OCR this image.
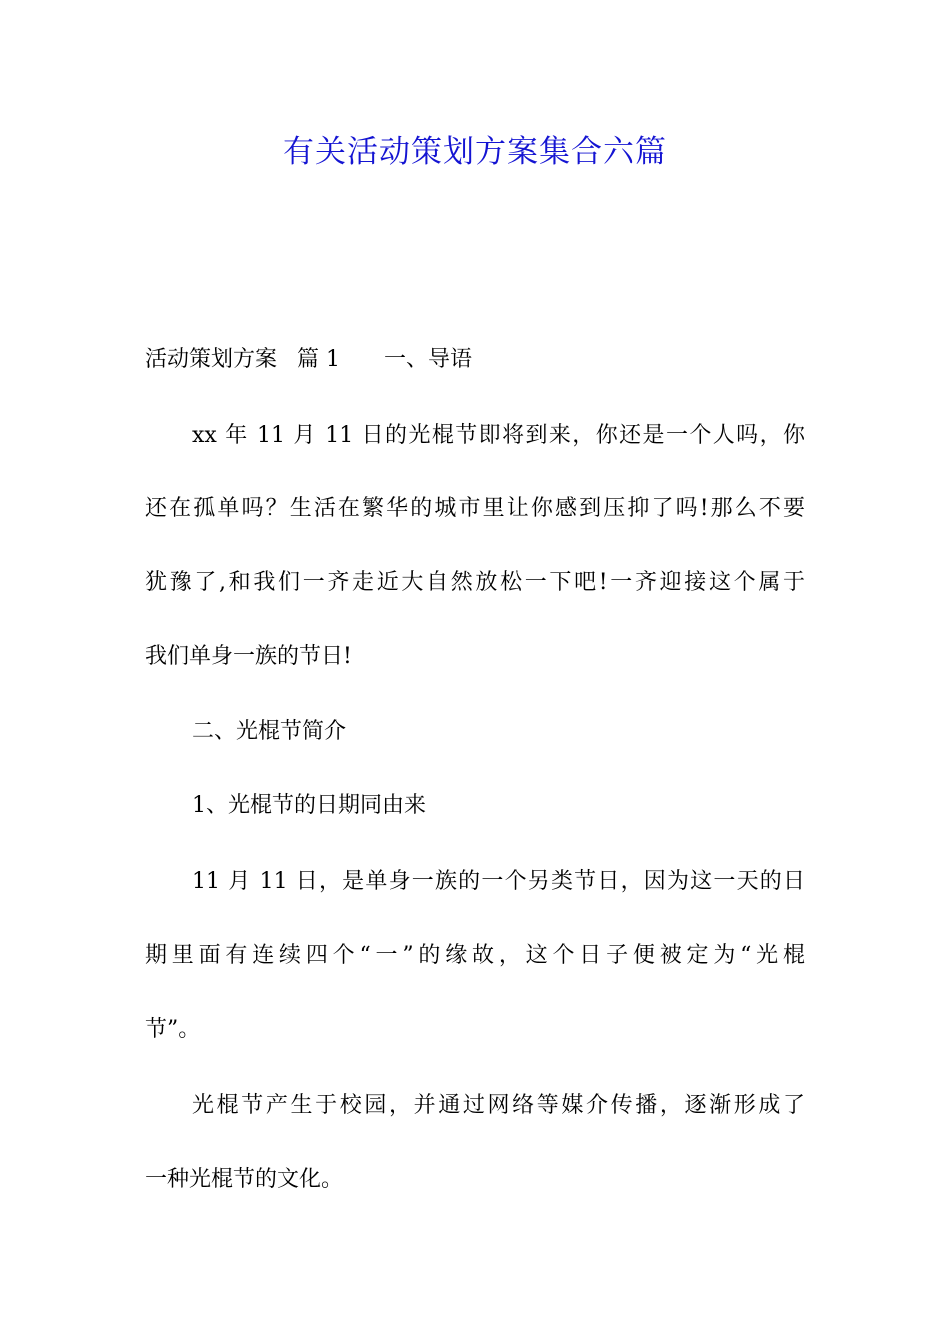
有关活动策划方案集合六篇
活动策划方案 篇 1 一、导语
xx 年 11 月 11 日的光棍节即将到来，你还是一个人吗，你
还在孤单吗？生活在繁华的城市里让你感到压抑了吗!那么不要
犹豫了,和我们一齐走近大自然放松一下吧!一齐迎接这个属于
我们单身一族的节日!
二、光棍节简介
1、光棍节的日期同由来
11 月 11 日，是单身一族的一个另类节日，因为这一天的日
期里面有连续四个“一”的缘故，这个日子便被定为“光棍
节”。
光棍节产生于校园，并通过网络等媒介传播，逐渐形成了
一种光棍节的文化。
